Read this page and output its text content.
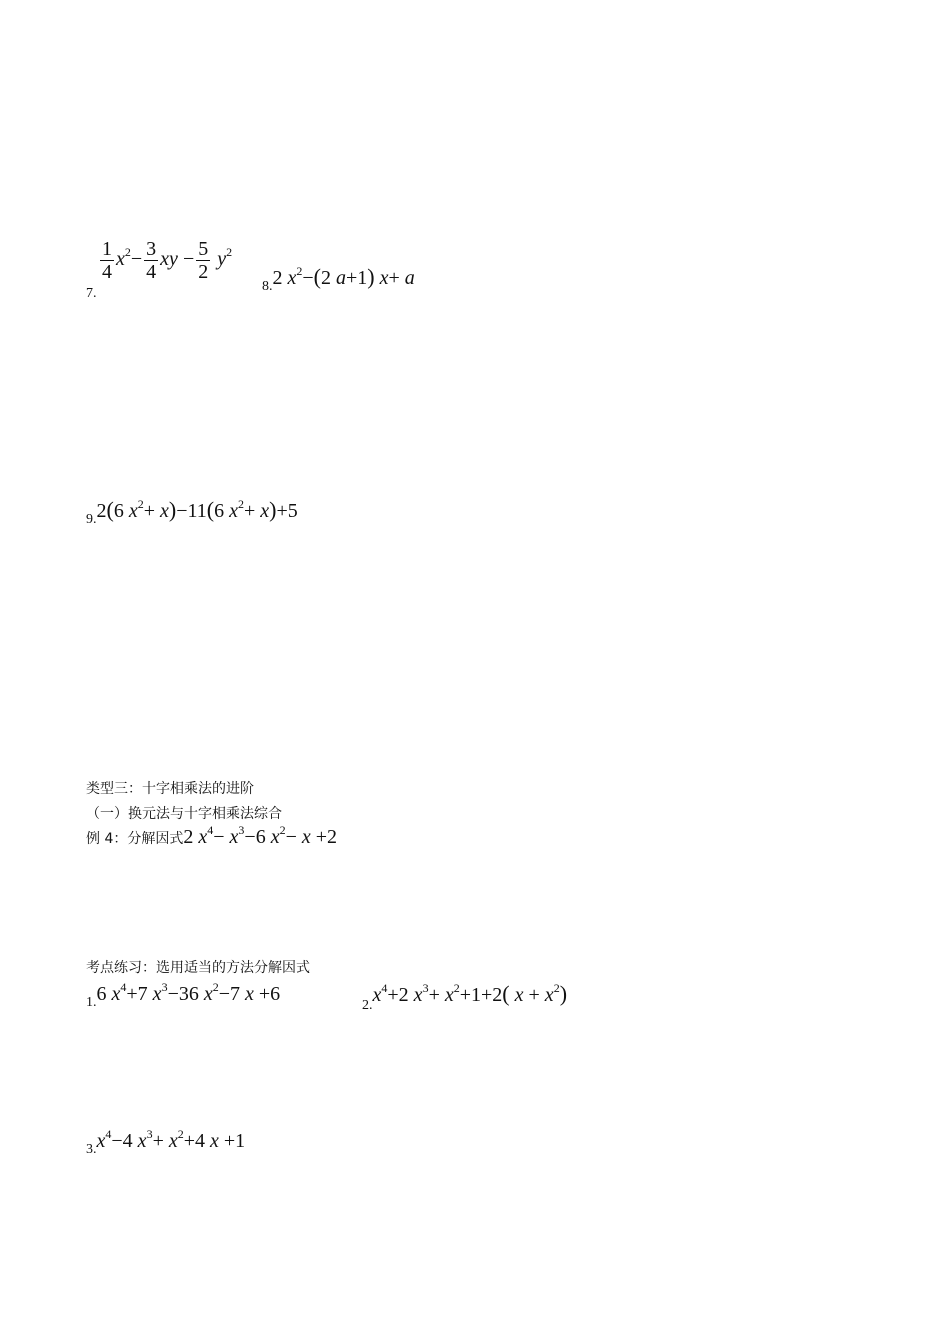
7.
$\frac{1}{4} x^2- \frac{3}{4}$ xy − $\frac{5}{2} y^2$
8.2 $x^2-(2$ a+1) x+ a
9.2(6 $x^2+ x)-11(6$ $x^2+ x)+5$
类型三：十字相乘法的进阶
（一）换元法与十字相乘法综合
例 4：分解因式2 $x^4- x^3-6$ $x^2- x +2$
考点练习：选用适当的方法分解因式
1.6 $x^4+7$ $x^3-36$ $x^2-7$ x +6
$2.x^4+2$ $x^3+ x^2+1+2$( $x + x^2$)
$3.x^4-4$ $x^3+ x^2+4$ x +1
